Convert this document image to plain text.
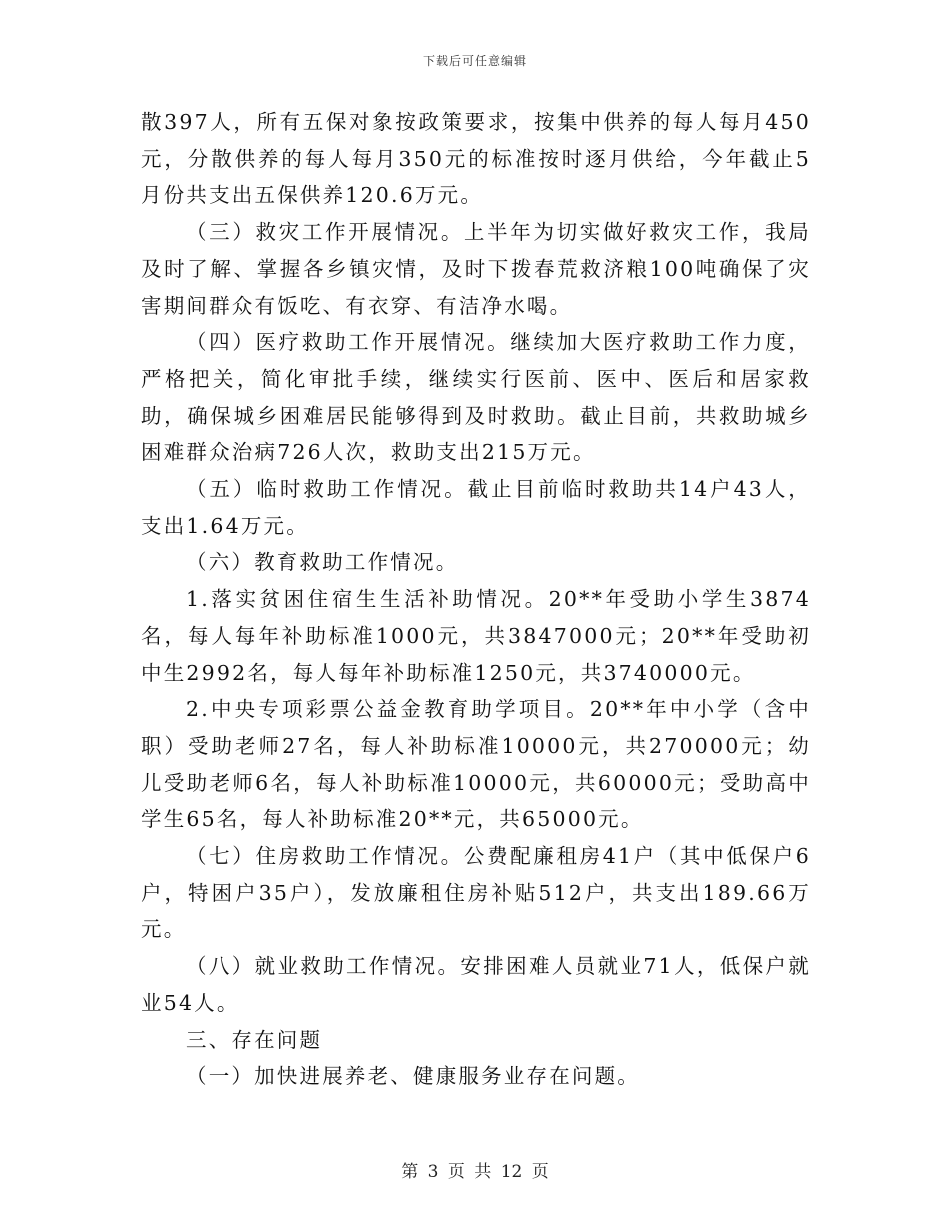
下载后可任意编辑

散397人，所有五保对象按政策要求，按集中供养的每人每月450元，分散供养的每人每月350元的标准按时逐月供给，今年截止5月份共支出五保供养120.6万元。

（三）救灾工作开展情况。上半年为切实做好救灾工作，我局及时了解、掌握各乡镇灾情，及时下拨春荒救济粮100吨确保了灾害期间群众有饭吃、有衣穿、有洁净水喝。

（四）医疗救助工作开展情况。继续加大医疗救助工作力度，严格把关，简化审批手续，继续实行医前、医中、医后和居家救助，确保城乡困难居民能够得到及时救助。截止目前，共救助城乡困难群众治病726人次，救助支出215万元。

（五）临时救助工作情况。截止目前临时救助共14户43人，支出1.64万元。

（六）教育救助工作情况。

1.落实贫困住宿生生活补助情况。20**年受助小学生3874名，每人每年补助标准1000元，共3847000元；20**年受助初中生2992名，每人每年补助标准1250元，共3740000元。

2.中央专项彩票公益金教育助学项目。20**年中小学（含中职）受助老师27名，每人补助标准10000元，共270000元；幼儿受助老师6名，每人补助标准10000元，共60000元；受助高中学生65名，每人补助标准20**元，共65000元。

（七）住房救助工作情况。公费配廉租房41户（其中低保户6户，特困户35户），发放廉租住房补贴512户，共支出189.66万元。

（八）就业救助工作情况。安排困难人员就业71人，低保户就业54人。

三、存在问题

（一）加快进展养老、健康服务业存在问题。

第 3 页 共 12 页
